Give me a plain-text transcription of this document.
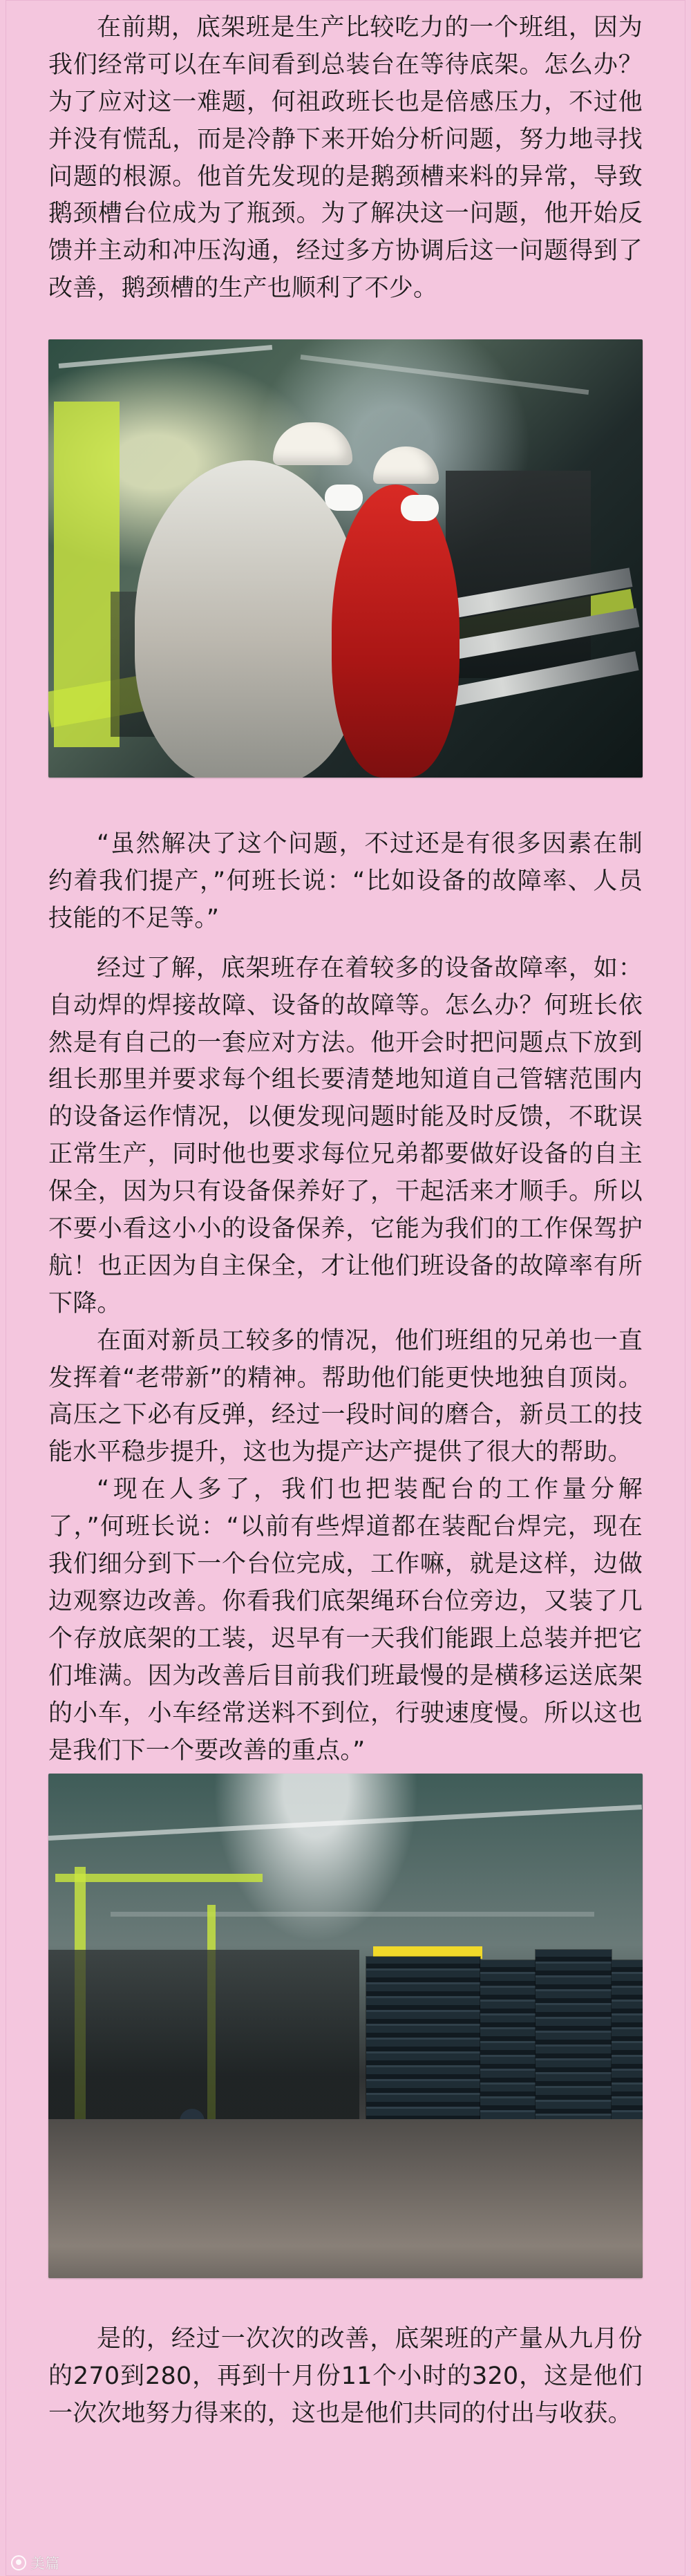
在前期，底架班是生产比较吃力的一个班组，因为我们经常可以在车间看到总装台在等待底架。怎么办？为了应对这一难题，何祖政班长也是倍感压力，不过他并没有慌乱，而是冷静下来开始分析问题，努力地寻找问题的根源。他首先发现的是鹅颈槽来料的异常，导致鹅颈槽台位成为了瓶颈。为了解决这一问题，他开始反馈并主动和冲压沟通，经过多方协调后这一问题得到了改善，鹅颈槽的生产也顺利了不少。

“虽然解决了这个问题，不过还是有很多因素在制约着我们提产，”何班长说：“比如设备的故障率、人员技能的不足等。”

经过了解，底架班存在着较多的设备故障率，如：自动焊的焊接故障、设备的故障等。怎么办？何班长依然是有自己的一套应对方法。他开会时把问题点下放到组长那里并要求每个组长要清楚地知道自己管辖范围内的设备运作情况，以便发现问题时能及时反馈，不耽误正常生产，同时他也要求每位兄弟都要做好设备的自主保全，因为只有设备保养好了，干起活来才顺手。所以不要小看这小小的设备保养，它能为我们的工作保驾护航！也正因为自主保全，才让他们班设备的故障率有所下降。

在面对新员工较多的情况，他们班组的兄弟也一直发挥着“老带新”的精神。帮助他们能更快地独自顶岗。高压之下必有反弹，经过一段时间的磨合，新员工的技能水平稳步提升，这也为提产达产提供了很大的帮助。

“现在人多了，我们也把装配台的工作量分解了，”何班长说：“以前有些焊道都在装配台焊完，现在我们细分到下一个台位完成，工作嘛，就是这样，边做边观察边改善。你看我们底架绳环台位旁边，又装了几个存放底架的工装，迟早有一天我们能跟上总装并把它们堆满。因为改善后目前我们班最慢的是横移运送底架的小车，小车经常送料不到位，行驶速度慢。所以这也是我们下一个要改善的重点。”

是的，经过一次次的改善，底架班的产量从九月份的270到280，再到十月份11个小时的320，这是他们一次次地努力得来的，这也是他们共同的付出与收获。

美篇
